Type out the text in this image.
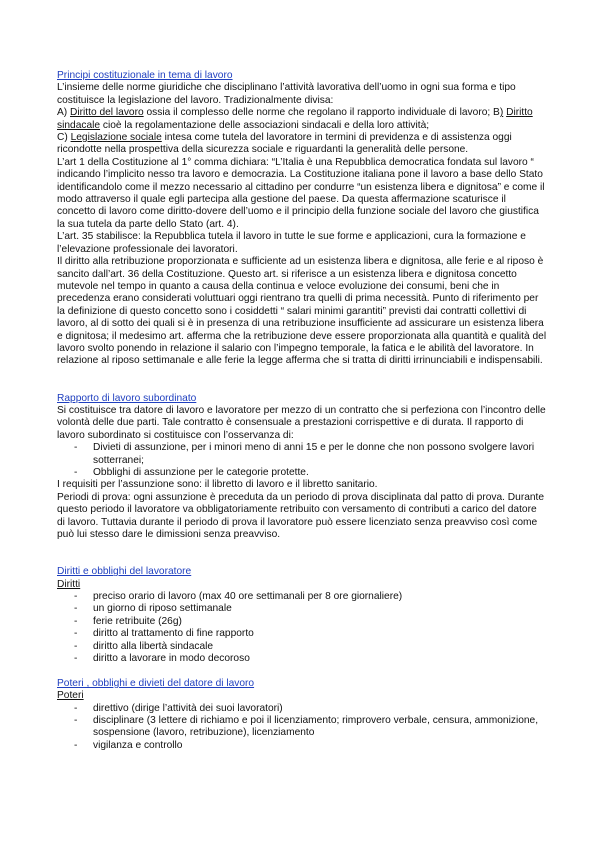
Principi costituzionale in tema di lavoro
L’insieme delle norme giuridiche che disciplinano l’attività lavorativa dell’uomo in ogni sua forma e tipo costituisce la legislazione del lavoro. Tradizionalmente divisa:
A) Diritto del lavoro ossia il complesso delle norme che regolano il rapporto individuale di lavoro; B) Diritto sindacale cioè la regolamentazione delle associazioni sindacali e della loro attività;
C) Legislazione sociale intesa come tutela del lavoratore in termini di previdenza e di assistenza oggi ricondotte nella prospettiva della sicurezza sociale e riguardanti la generalità delle persone.
L’art 1 della Costituzione al 1° comma dichiara: “L’Italia è una Repubblica democratica fondata sul lavoro “ indicando l’implicito nesso tra lavoro e democrazia. La Costituzione italiana pone il lavoro a base dello Stato identificandolo come il mezzo necessario al cittadino per condurre “un esistenza libera e dignitosa” e come il modo attraverso il quale egli partecipa alla gestione del paese. Da questa affermazione scaturisce il concetto di lavoro come diritto-dovere dell’uomo e il principio della funzione sociale del lavoro che giustifica la sua tutela da parte dello Stato (art. 4).
L’art. 35 stabilisce: la Repubblica tutela il lavoro in tutte le sue forme e applicazioni, cura la formazione e l’elevazione professionale dei lavoratori.
Il diritto alla retribuzione proporzionata e sufficiente ad un esistenza libera e dignitosa, alle ferie e al riposo è sancito dall’art. 36 della Costituzione. Questo art. si riferisce a un esistenza libera e dignitosa concetto mutevole nel tempo in quanto a causa della continua e veloce evoluzione dei consumi, beni che in precedenza erano considerati voluttuari oggi rientrano tra quelli di prima necessità. Punto di riferimento per la definizione di questo concetto sono i cosiddetti “ salari minimi garantiti” previsti dai contratti collettivi di lavoro, al di sotto dei quali si è in presenza di una retribuzione insufficiente ad assicurare un esistenza libera e dignitosa; il medesimo art. afferma che la retribuzione deve essere proporzionata alla quantità e qualità del lavoro svolto ponendo in relazione il salario con l’impegno temporale, la fatica e le abilità del lavoratore. In relazione al riposo settimanale e alle ferie la legge afferma che si tratta di diritti irrinunciabili e indispensabili.
Rapporto di lavoro subordinato
Si costituisce tra datore di lavoro e lavoratore per mezzo di un contratto che si perfeziona con l’incontro delle volontà delle due parti. Tale contratto è consensuale a prestazioni corrispettive e di durata. Il rapporto di lavoro subordinato si costituisce con l’osservanza di:
- Divieti di assunzione, per i minori meno di anni 15 e per le donne che non possono svolgere lavori sotterranei;
- Obblighi di assunzione per le categorie protette.
I requisiti per l’assunzione sono: il libretto di lavoro e il libretto sanitario.
Periodi di prova: ogni assunzione è preceduta da un periodo di prova disciplinata dal patto di prova. Durante questo periodo il lavoratore va obbligatoriamente retribuito con versamento di contributi a carico del datore di lavoro. Tuttavia durante il periodo di prova il lavoratore può essere licenziato senza preavviso così come può lui stesso dare le dimissioni senza preavviso.
Diritti e obblighi del lavoratore
Diritti
- preciso orario di lavoro (max 40 ore settimanali per 8 ore giornaliere)
- un giorno di riposo settimanale
- ferie retribuite (26g)
- diritto al trattamento di fine rapporto
- diritto alla libertà sindacale
- diritto a lavorare in modo decoroso
Poteri , obblighi e divieti del datore di lavoro
Poteri
- direttivo (dirige l’attività dei suoi lavoratori)
- disciplinare (3 lettere di richiamo e poi il licenziamento; rimprovero verbale, censura, ammonizione, sospensione (lavoro, retribuzione), licenziamento
- vigilanza e controllo
